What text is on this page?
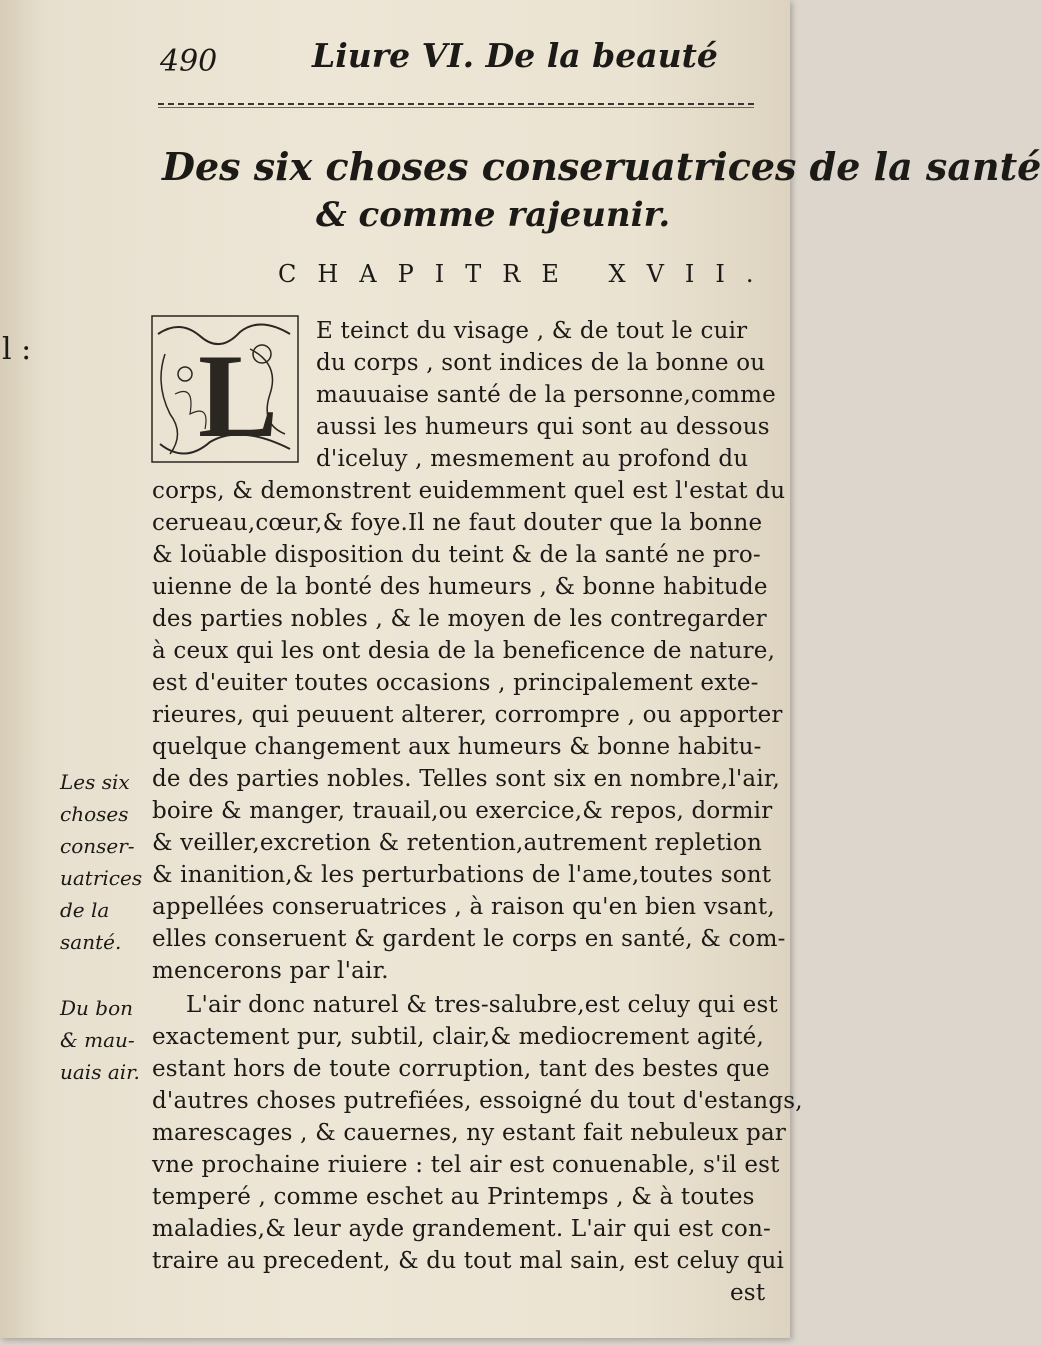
490	Liure VI. De la beauté
Des six choses conseruatrices de la santé
& comme rajeunir.
CHAPITRE XVII.
l : L E teinct du visage , & de tout le cuir
du corps , sont indices de la bonne ou
mauuaise santé de la personne,comme
aussi les humeurs qui sont au dessous
d'iceluy , mesmement au profond du
corps, & demonstrent euidemment quel est l'estat du
cerueau,cœur,& foye.Il ne faut douter que la bonne
& loüable disposition du teint & de la santé ne pro-
uienne de la bonté des humeurs , & bonne habitude
des parties nobles , & le moyen de les contregarder
à ceux qui les ont desia de la beneficence de nature,
est d'euiter toutes occasions , principalement exte-
rieures, qui peuuent alterer, corrompre , ou apporter
quelque changement aux humeurs & bonne habitu-
de des parties nobles. Telles sont six en nombre,l'air,
boire & manger, trauail,ou exercice,& repos, dormir
& veiller,excretion & retention,autrement repletion
& inanition,& les perturbations de l'ame,toutes sont
appellées conseruatrices , à raison qu'en bien vsant,
elles conseruent & gardent le corps en santé, & com-
mencerons par l'air.
L'air donc naturel & tres-salubre,est celuy qui est
exactement pur, subtil, clair,& mediocrement agité,
estant hors de toute corruption, tant des bestes que
d'autres choses putrefiées, essoigné du tout d'estangs,
marescages , & cauernes, ny estant fait nebuleux par
vne prochaine riuiere : tel air est conuenable, s'il est
temperé , comme eschet au Printemps , & à toutes
maladies,& leur ayde grandement. L'air qui est con-
traire au precedent, & du tout mal sain, est celuy qui
est
Les six
choses
conser-
uatrices
de la
santé.
Du bon
& mau-
uais air.
